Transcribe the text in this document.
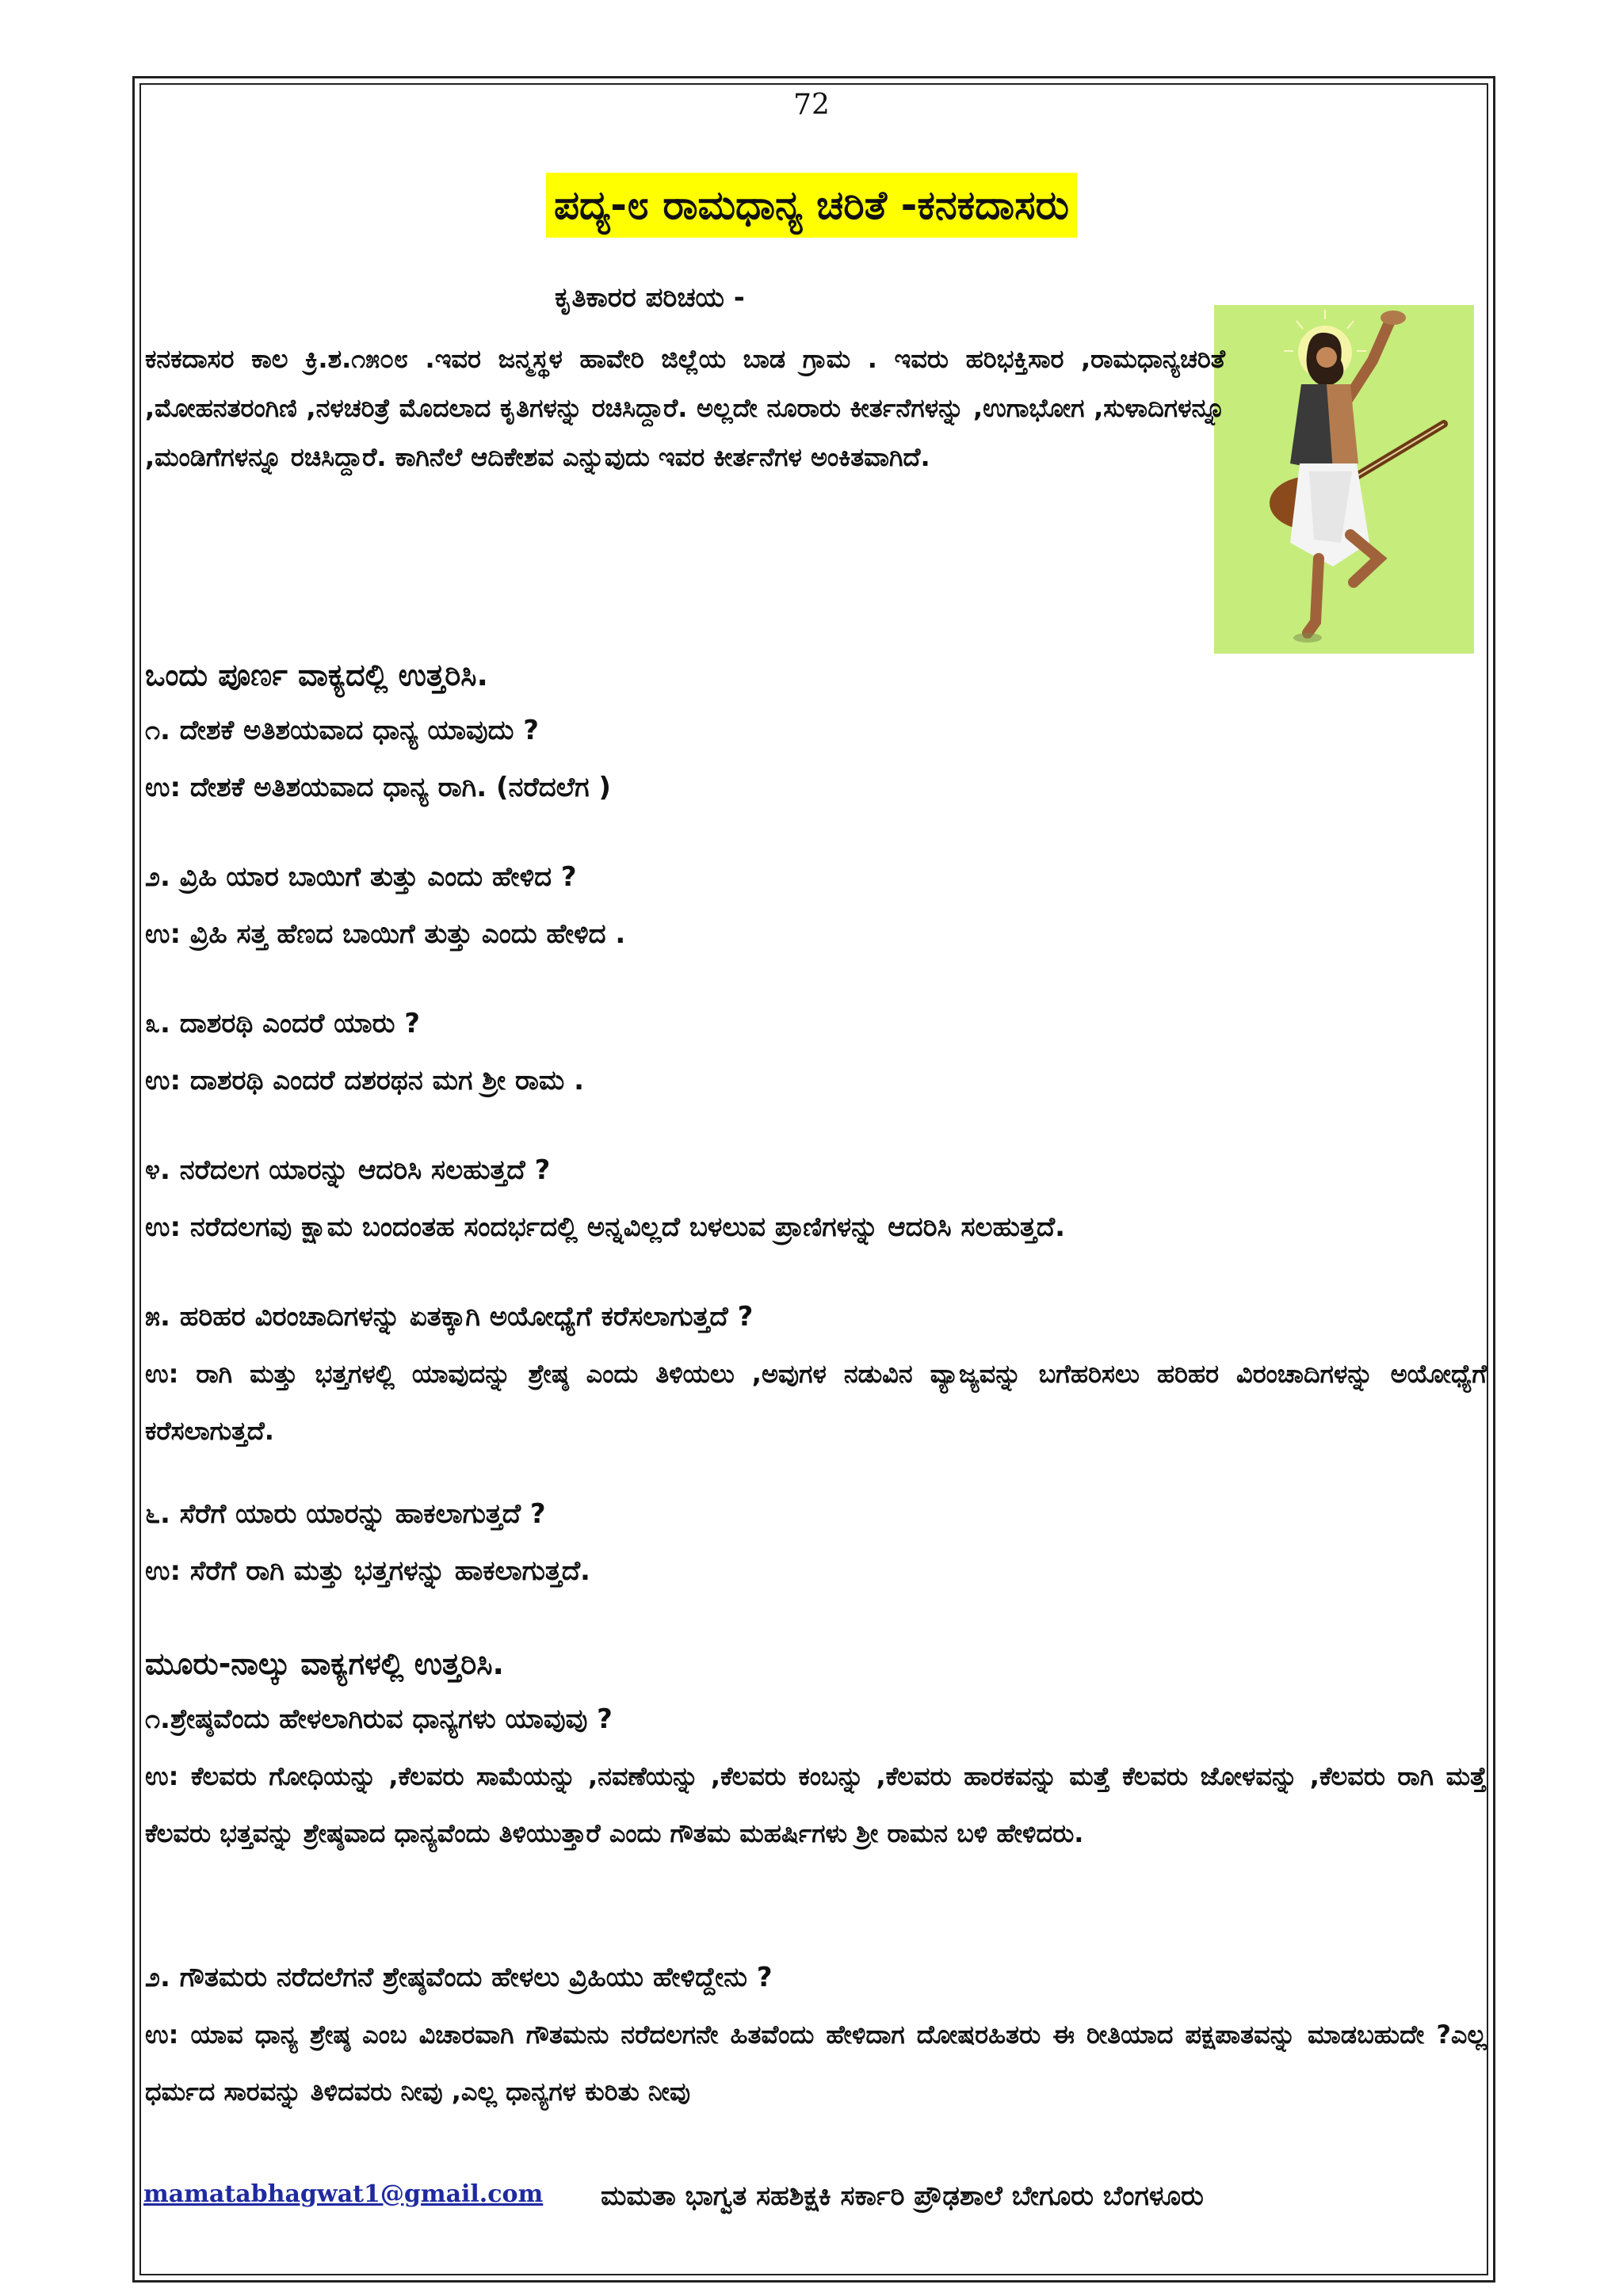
72
ಪದ್ಯ-೮ ರಾಮಧಾನ್ಯ ಚರಿತೆ -ಕನಕದಾಸರು
ಕೃತಿಕಾರರ ಪರಿಚಯ -
ಕನಕದಾಸರ ಕಾಲ ಕ್ರಿ.ಶ.೧೫೦೮ .ಇವರ ಜನ್ಮಸ್ಥಳ ಹಾವೇರಿ ಜಿಲ್ಲೆಯ ಬಾಡ ಗ್ರಾಮ . ಇವರು ಹರಿಭಕ್ತಿಸಾರ ,ರಾಮಧಾನ್ಯಚರಿತೆ ,ಮೋಹನತರಂಗಿಣಿ ,ನಳಚರಿತ್ರೆ ಮೊದಲಾದ ಕೃತಿಗಳನ್ನು ರಚಿಸಿದ್ದಾರೆ. ಅಲ್ಲದೇ ನೂರಾರು ಕೀರ್ತನೆಗಳನ್ನು ,ಉಗಾಭೋಗ ,ಸುಳಾದಿಗಳನ್ನೂ ,ಮಂಡಿಗೆಗಳನ್ನೂ ರಚಿಸಿದ್ದಾರೆ. ಕಾಗಿನೆಲೆ ಆದಿಕೇಶವ ಎನ್ನುವುದು ಇವರ ಕೀರ್ತನೆಗಳ ಅಂಕಿತವಾಗಿದೆ.
ಒಂದು ಪೂರ್ಣ ವಾಕ್ಯದಲ್ಲಿ ಉತ್ತರಿಸಿ.
೧. ದೇಶಕೆ ಅತಿಶಯವಾದ ಧಾನ್ಯ ಯಾವುದು ?
ಉ: ದೇಶಕೆ ಅತಿಶಯವಾದ ಧಾನ್ಯ ರಾಗಿ. (ನರೆದಲೆಗ )
೨. ವ್ರಿಹಿ ಯಾರ ಬಾಯಿಗೆ ತುತ್ತು ಎಂದು ಹೇಳಿದ ?
ಉ: ವ್ರಿಹಿ ಸತ್ತ ಹೆಣದ ಬಾಯಿಗೆ ತುತ್ತು ಎಂದು ಹೇಳಿದ .
೩. ದಾಶರಥಿ ಎಂದರೆ ಯಾರು ?
ಉ: ದಾಶರಥಿ ಎಂದರೆ ದಶರಥನ ಮಗ ಶ್ರೀ ರಾಮ .
೪. ನರೆದಲಗ ಯಾರನ್ನು ಆದರಿಸಿ ಸಲಹುತ್ತದೆ ?
ಉ: ನರೆದಲಗವು ಕ್ಷಾಮ ಬಂದಂತಹ ಸಂದರ್ಭದಲ್ಲಿ ಅನ್ನವಿಲ್ಲದೆ ಬಳಲುವ ಪ್ರಾಣಿಗಳನ್ನು ಆದರಿಸಿ ಸಲಹುತ್ತದೆ.
೫. ಹರಿಹರ ವಿರಂಚಾದಿಗಳನ್ನು ಏತಕ್ಕಾಗಿ ಅಯೋಧ್ಯೆಗೆ ಕರೆಸಲಾಗುತ್ತದೆ ?
ಉ: ರಾಗಿ ಮತ್ತು ಭತ್ತಗಳಲ್ಲಿ ಯಾವುದನ್ನು ಶ್ರೇಷ್ಠ ಎಂದು ತಿಳಿಯಲು ,ಅವುಗಳ ನಡುವಿನ ವ್ಯಾಜ್ಯವನ್ನು ಬಗೆಹರಿಸಲು ಹರಿಹರ ವಿರಂಚಾದಿಗಳನ್ನು ಅಯೋಧ್ಯೆಗೆ ಕರೆಸಲಾಗುತ್ತದೆ.
೬. ಸೆರೆಗೆ ಯಾರು ಯಾರನ್ನು ಹಾಕಲಾಗುತ್ತದೆ ?
ಉ: ಸೆರೆಗೆ ರಾಗಿ ಮತ್ತು ಭತ್ತಗಳನ್ನು ಹಾಕಲಾಗುತ್ತದೆ.
ಮೂರು-ನಾಲ್ಕು ವಾಕ್ಯಗಳಲ್ಲಿ ಉತ್ತರಿಸಿ.
೧.ಶ್ರೇಷ್ಠವೆಂದು ಹೇಳಲಾಗಿರುವ ಧಾನ್ಯಗಳು ಯಾವುವು ?
ಉ: ಕೆಲವರು ಗೋಧಿಯನ್ನು ,ಕೆಲವರು ಸಾಮೆಯನ್ನು ,ನವಣೆಯನ್ನು ,ಕೆಲವರು ಕಂಬನ್ನು ,ಕೆಲವರು ಹಾರಕವನ್ನು ಮತ್ತೆ ಕೆಲವರು ಜೋಳವನ್ನು ,ಕೆಲವರು ರಾಗಿ ಮತ್ತೆ ಕೆಲವರು ಭತ್ತವನ್ನು ಶ್ರೇಷ್ಠವಾದ ಧಾನ್ಯವೆಂದು ತಿಳಿಯುತ್ತಾರೆ ಎಂದು ಗೌತಮ ಮಹರ್ಷಿಗಳು ಶ್ರೀ ರಾಮನ ಬಳಿ ಹೇಳಿದರು.
೨. ಗೌತಮರು ನರೆದಲೆಗನೆ ಶ್ರೇಷ್ಠವೆಂದು ಹೇಳಲು ವ್ರಿಹಿಯು ಹೇಳಿದ್ದೇನು ?
ಉ: ಯಾವ ಧಾನ್ಯ ಶ್ರೇಷ್ಠ ಎಂಬ ವಿಚಾರವಾಗಿ ಗೌತಮನು ನರೆದಲಗನೇ ಹಿತವೆಂದು ಹೇಳಿದಾಗ ದೋಷರಹಿತರು ಈ ರೀತಿಯಾದ ಪಕ್ಷಪಾತವನ್ನು ಮಾಡಬಹುದೇ ?ಎಲ್ಲ ಧರ್ಮದ ಸಾರವನ್ನು ತಿಳಿದವರು ನೀವು ,ಎಲ್ಲ ಧಾನ್ಯಗಳ ಕುರಿತು ನೀವು
mamatabhagwat1@gmail.com ಮಮತಾ ಭಾಗ್ವತ ಸಹಶಿಕ್ಷಕಿ ಸರ್ಕಾರಿ ಪ್ರೌಢಶಾಲೆ ಬೇಗೂರು ಬೆಂಗಳೂರು
